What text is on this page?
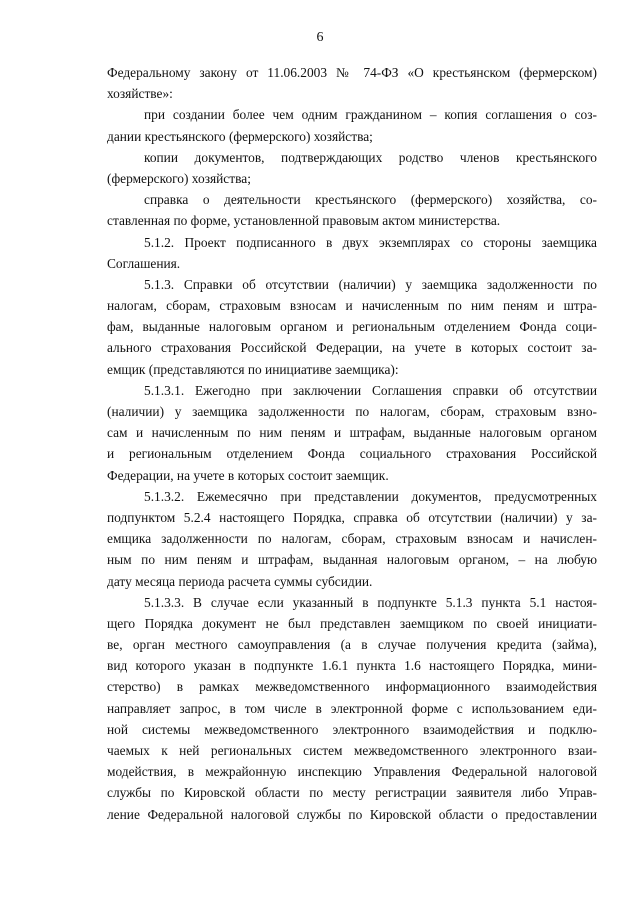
6
Федеральному закону от 11.06.2003 № 74-ФЗ «О крестьянском (фермерском)
хозяйстве»:
при создании более чем одним гражданином – копия соглашения о соз-
дании крестьянского (фермерского) хозяйства;
копии документов, подтверждающих родство членов крестьянского
(фермерского) хозяйства;
справка о деятельности крестьянского (фермерского) хозяйства, со-
ставленная по форме, установленной правовым актом министерства.
5.1.2. Проект подписанного в двух экземплярах со стороны заемщика
Соглашения.
5.1.3. Справки об отсутствии (наличии) у заемщика задолженности по
налогам, сборам, страховым взносам и начисленным по ним пеням и штра-
фам, выданные налоговым органом и региональным отделением Фонда соци-
ального страхования Российской Федерации, на учете в которых состоит за-
емщик (представляются по инициативе заемщика):
5.1.3.1. Ежегодно при заключении Соглашения справки об отсутствии
(наличии) у заемщика задолженности по налогам, сборам, страховым взно-
сам и начисленным по ним пеням и штрафам, выданные налоговым органом
и региональным отделением Фонда социального страхования Российской
Федерации, на учете в которых состоит заемщик.
5.1.3.2. Ежемесячно при представлении документов, предусмотренных
подпунктом 5.2.4 настоящего Порядка, справка об отсутствии (наличии) у за-
емщика задолженности по налогам, сборам, страховым взносам и начислен-
ным по ним пеням и штрафам, выданная налоговым органом, – на любую
дату месяца периода расчета суммы субсидии.
5.1.3.3. В случае если указанный в подпункте 5.1.3 пункта 5.1 настоя-
щего Порядка документ не был представлен заемщиком по своей инициати-
ве, орган местного самоуправления (а в случае получения кредита (займа),
вид которого указан в подпункте 1.6.1 пункта 1.6 настоящего Порядка, мини-
стерство) в рамках межведомственного информационного взаимодействия
направляет запрос, в том числе в электронной форме с использованием еди-
ной системы межведомственного электронного взаимодействия и подклю-
чаемых к ней региональных систем межведомственного электронного взаи-
модействия, в межрайонную инспекцию Управления Федеральной налоговой
службы по Кировской области по месту регистрации заявителя либо Управ-
ление Федеральной налоговой службы по Кировской области о предоставлении
